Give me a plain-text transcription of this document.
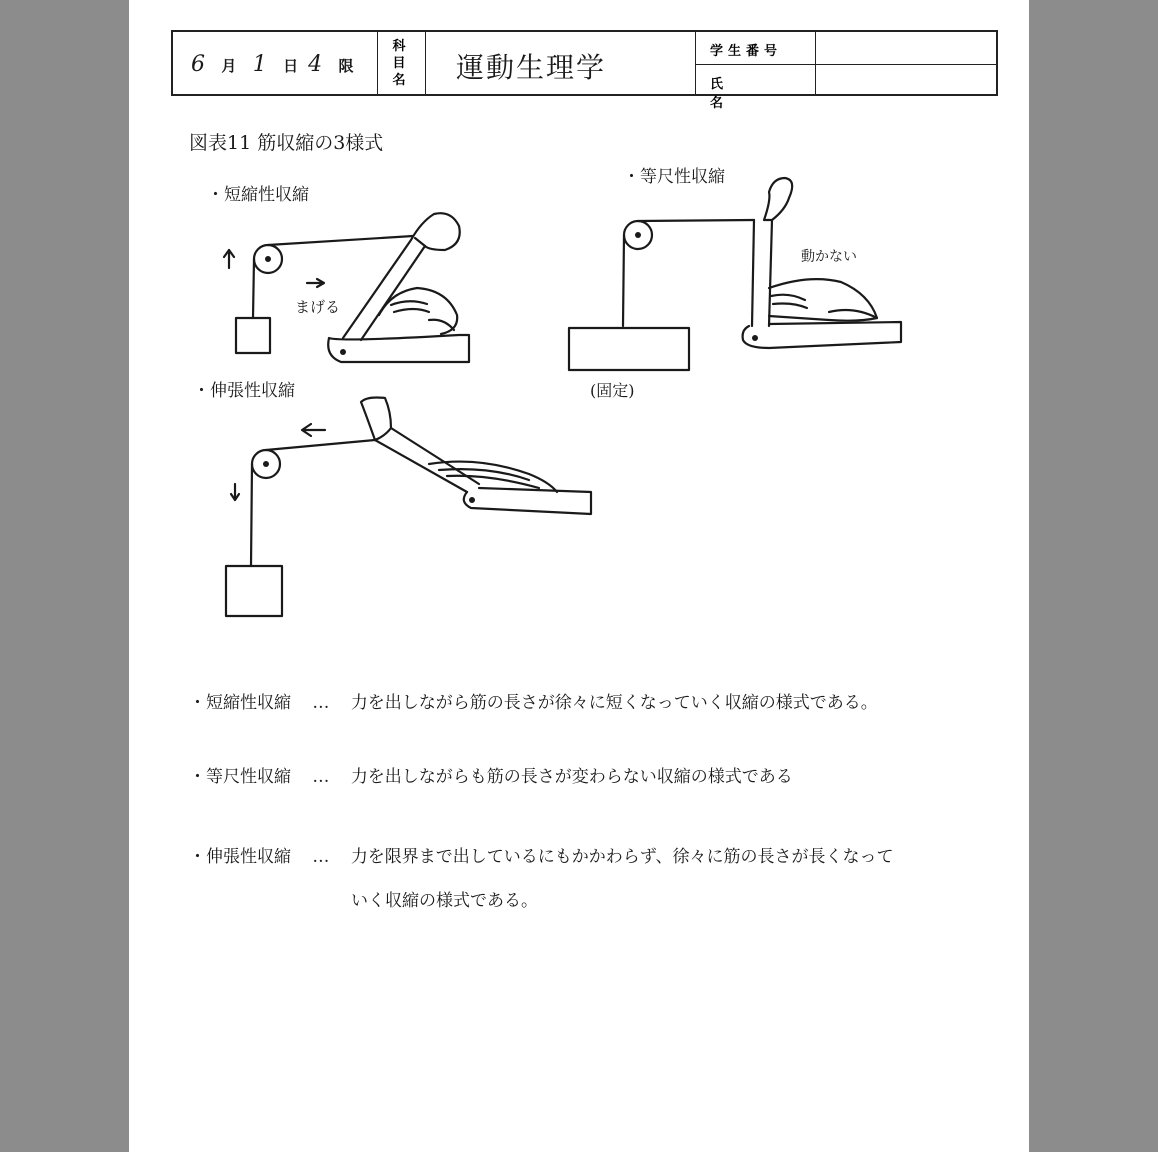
6 月 1 日 4 限
科目名 運動生理学	学生番号
氏 名
図表11 筋収縮の3様式
・短縮性収縮
・等尺性収縮
・伸張性収縮
まげる
動かない
(固定)
・短縮性収縮 … 力を出しながら筋の長さが徐々に短くなっていく収縮の様式である。
・等尺性収縮 … 力を出しながらも筋の長さが変わらない収縮の様式である
・伸張性収縮 … 力を限界まで出しているにもかかわらず、徐々に筋の長さが長くなって
いく収縮の様式である。
